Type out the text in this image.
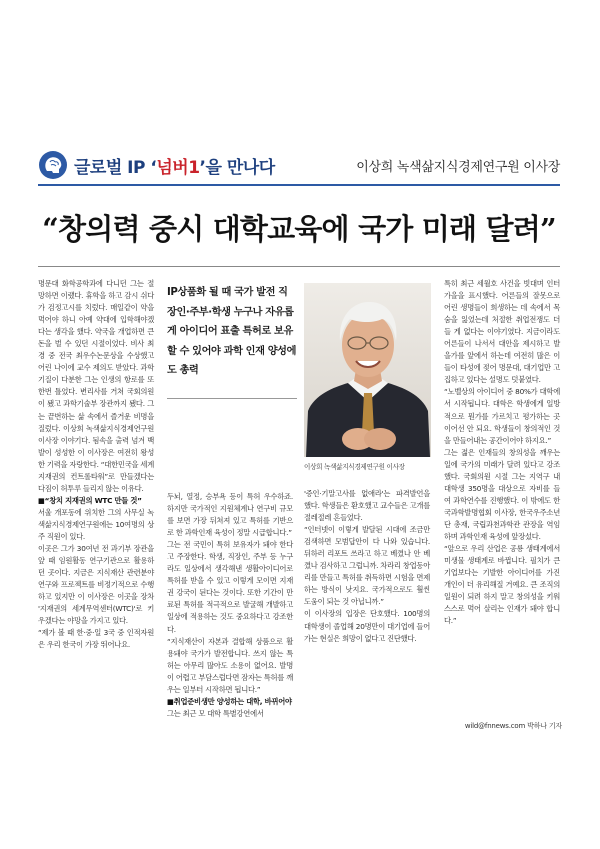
글로벌 IP ‘넘버1’을 만나다	이상희 녹색삶지식경제연구원 이사장
“창의력 중시 대학교육에 국가 미래 달려”

명문대 화학공학과에 다니던 그는 절망하면 이랬다. 휴학을 하고 감시 쉬다가 검정고시를 치렀다. 매일같이 약을 먹어야 하니 아예 약대에 입학해야겠다는 생각을 했다. 약국을 개업하면 큰돈을 벌 수 있던 시절이었다. 비사 최경 중 전국 최우수논문상을 수상했고 어린 나이에 교수 제의도 받았다. 과학 기질이 다분한 그는 인생의 항로를 또 한번 틀었다. 변리사를 거쳐 국회의원이 됐고 과학기술부 장관까지 됐다. 그는 끝번하는 삶 속에서 즐거운 비명을 질렀다. 이상희 녹색삶지식경제연구원 이사장 이야기다. 됨속을 출력 넘겨 백발이 성성한 이 이사장은 여전히 왕성한 기력을 자랑한다. “대한민국을 세계 지재권의 컨트롤타워”로 만들겠다는 다짐이 허투루 들리지 않는 이유다.

■“창치 지재권의 WTC 만들 것”

서울 개포동에 위치한 그의 사무실 녹색삶지식경제연구원에는 10여명의 상주 직원이 있다.

이곳은 그가 30여년 전 과기부 장관을 앞 때 임원활동 연구기관으로 활용하던 곳이다. 지금은 지식재산 관련분야 연구와 프로젝트를 비정기적으로 수행하고 있지만 이 이사장은 이곳을 장차 '지재권의 세계무역센터(WTC)'로 키우겠다는 야망을 가지고 있다.

“제가 볼 때 한·중·일 3국 중 인적자원은 우리 한국이 가장 뛰어나요.

IP상품화 될 때 국가 발전 직장인·주부·학생 누구나 자유롭게 아이디어 표출 특허로 보유할 수 있어야 과학 인재 양성에도 총력

두뇌, 열정, 승부욕 등이 특허 우수하죠. 하지만 국가적인 지원체계나 연구비 규모를 보면 가장 뒤쳐져 있고 특허를 기반으로 한 과학인재 육성이 정말 시급합니다.”

그는 전 국민이 특허 보유자가 돼야 한다고 주장한다. 학생, 직장인, 주부 등 누구라도 일상에서 생각해낸 생활아이디어로 특허를 받을 수 있고 이렇게 모이면 지재권 강국이 된다는 것이다. 또한 기간이 만료된 특허를 적극적으로 발굴해 개발하고 일상에 적용하는 것도 중요하다고 강조한다.

“지식재산이 자본과 결합해 상품으로 활용돼야 국가가 발전합니다. 쓰지 않는 특허는 아무리 많아도 소용이 없어요. 발명이 어렵고 부담스럽다면 잠자는 특허를 깨우는 일부터 시작하면 됩니다.”

■취업준비생만 양성하는 대학, 바뀌어야

그는 최근 모 대학 특별강연에서

이상희 녹색삶지식경제연구원 이사장

'증인·기말고사를 없애라'는 파격발언을 했다. 학생들은 환호했고 교수들은 고개를 절레절레 흔들었다.

“인터넷이 이렇게 발달된 시대에 조금만 검색하면 모범답안이 다 나와 있습니다. 뒤하러 리포트 쓰라고 하고 베꼈나 안 베꼈나 검사하고 그럽니까. 차라리 창업동아리를 만들고 특허를 취득하면 시험을 면제하는 방식이 낫지요. 국가적으로도 훨씬 도움이 되는 것 아닙니까.”

이 이사장의 입장은 단호했다. 100명의 대학생이 졸업해 20명만이 대기업에 들어가는 현실은 희망이 없다고 진단했다.

특히 최근 세월호 사건을 빗대며 인터가을을 표시했다. 어른들의 잘못으로 어린 생명들이 희생하는 데 속에서 목숨을 잃었는데 처절한 취업전쟁도 더들 게 없다는 이야기였다. 지금이라도 어른들이 나서서 대안을 제시하고 발을가를 앞에서 하는데 여전히 많은 이들이 타성에 젖어 명문대, 대기업만 고집하고 있다는 설명도 덧붙였다.

“노벨상의 아이디어 중 80%가 대학에서 시작됩니다. 대학은 학생에게 일방적으로 뭔가를 가르치고 평가하는 곳이어선 안 되요. 학생들이 창의적인 것을 만들어내는 공간이어야 하지요.”

그는 젊은 인재들의 창의성을 깨우는 일에 국가의 미래가 달려 있다고 강조했다. 국회의원 시절 그는 지역구 내 대학생 350명을 대상으로 자비를 들여 과학연수를 진행했다. 이 밖에도 한국과학발명협회 이사장, 한국우주소년단 총재, 국립과천과학관 관장을 역임하며 과학인재 육성에 앞장섰다.

“앞으로 우리 산업은 공룡 생태계에서 미생물 생태계로 바뀝니다. 필치가 큰 기업보다는 기발한 아이디어를 가진 개인이 더 유리해질 거예요. 큰 조직의 일원이 되려 하지 말고 창의성을 키워 스스로 먹어 살리는 인재가 돼야 합니다.”

wild@fnnews.com 박하나 기자
